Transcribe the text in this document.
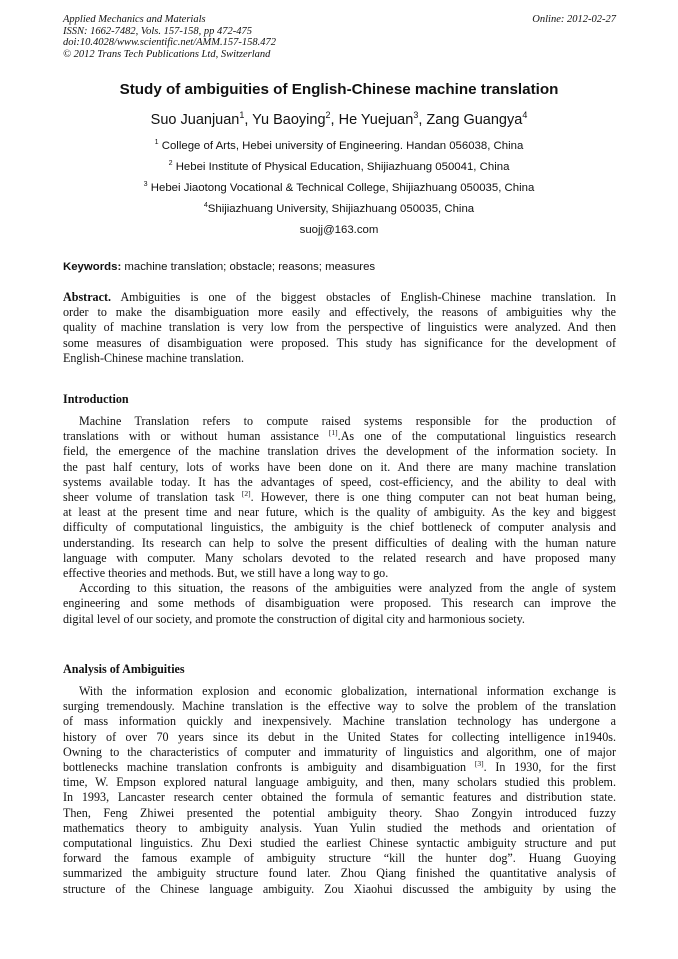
Applied Mechanics and Materials
ISSN: 1662-7482, Vols. 157-158, pp 472-475
doi:10.4028/www.scientific.net/AMM.157-158.472
© 2012 Trans Tech Publications Ltd, Switzerland
Online: 2012-02-27
Study of ambiguities of English-Chinese machine translation
Suo Juanjuan$^1$, Yu Baoying$^2$, He Yuejuan$^3$, Zang Guangya$^4$
$^1$ College of Arts, Hebei university of Engineering. Handan 056038, China
$^2$ Hebei Institute of Physical Education, Shijiazhuang 050041, China
$^3$ Hebei Jiaotong Vocational & Technical College, Shijiazhuang 050035, China
$^4$Shijiazhuang University, Shijiazhuang 050035, China
suojj@163.com
Keywords: machine translation; obstacle; reasons; measures
Abstract. Ambiguities is one of the biggest obstacles of English-Chinese machine translation. In
order to make the disambiguation more easily and effectively, the reasons of ambiguities why the
quality of machine translation is very low from the perspective of linguistics were analyzed. And then
some measures of disambiguation were proposed. This study has significance for the development of
English-Chinese machine translation.
Introduction
Machine Translation refers to compute raised systems responsible for the production of
translations with or without human assistance [1].As one of the computational linguistics research
field, the emergence of the machine translation drives the development of the information society. In
the past half century, lots of works have been done on it. And there are many machine translation
systems available today. It has the advantages of speed, cost-efficiency, and the ability to deal with
sheer volume of translation task [2]. However, there is one thing computer can not beat human being,
at least at the present time and near future, which is the quality of ambiguity. As the key and biggest
difficulty of computational linguistics, the ambiguity is the chief bottleneck of computer analysis and
understanding. Its research can help to solve the present difficulties of dealing with the human nature
language with computer. Many scholars devoted to the related research and have proposed many
effective theories and methods. But, we still have a long way to go.
According to this situation, the reasons of the ambiguities were analyzed from the angle of system
engineering and some methods of disambiguation were proposed. This research can improve the
digital level of our society, and promote the construction of digital city and harmonious society.
Analysis of Ambiguities
With the information explosion and economic globalization, international information exchange is
surging tremendously. Machine translation is the effective way to solve the problem of the translation
of mass information quickly and inexpensively. Machine translation technology has undergone a
history of over 70 years since its debut in the United States for collecting intelligence in1940s.
Owning to the characteristics of computer and immaturity of linguistics and algorithm, one of major
bottlenecks machine translation confronts is ambiguity and disambiguation [3]. In 1930, for the first
time, W. Empson explored natural language ambiguity, and then, many scholars studied this problem.
In 1993, Lancaster research center obtained the formula of semantic features and distribution state.
Then, Feng Zhiwei presented the potential ambiguity theory. Shao Zongyin introduced fuzzy
mathematics theory to ambiguity analysis. Yuan Yulin studied the methods and orientation of
computational linguistics. Zhu Dexi studied the earliest Chinese syntactic ambiguity structure and put
forward the famous example of ambiguity structure “kill the hunter dog”. Huang Guoying
summarized the ambiguity structure found later. Zhou Qiang finished the quantitative analysis of
structure of the Chinese language ambiguity. Zou Xiaohui discussed the ambiguity by using the
